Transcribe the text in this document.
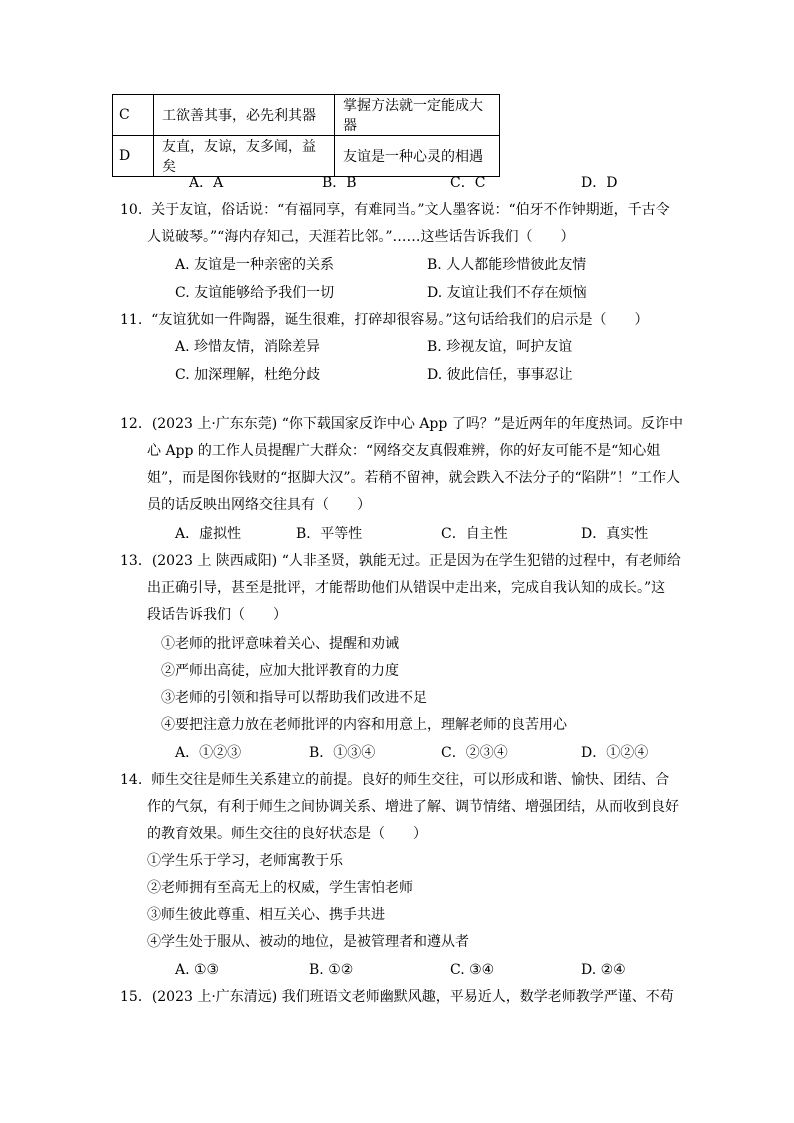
C	工欲善其事，必先利其器	掌握方法就一定能成大器
D	友直，友谅，友多闻，益矣	友谊是一种心灵的相遇
A．A	B．B	C．C	D．D
10.  关于友谊，俗话说：“有福同享，有难同当。”文人墨客说：“伯牙不作钟期逝，千古令
人说破琴。”“海内存知己，天涯若比邻。”……这些话告诉我们（　　）
A. 友谊是一种亲密的关系	B. 人人都能珍惜彼此友情
C. 友谊能够给予我们一切	D. 友谊让我们不存在烦恼
11.  “友谊犹如一件陶器，诞生很难，打碎却很容易。”这句话给我们的启示是（　　）
A. 珍惜友情，消除差异	B. 珍视友谊，呵护友谊
C. 加深理解，杜绝分歧	D. 彼此信任，事事忍让
12．(2023 上·广东东莞) “你下载国家反诈中心 App 了吗？”是近两年的年度热词。反诈中
心 App 的工作人员提醒广大群众：“网络交友真假难辨，你的好友可能不是“知心姐
姐”，而是图你钱财的“抠脚大汉”。若稍不留神，就会跌入不法分子的“陷阱”！”工作人
员的话反映出网络交往具有（　　）
A．虚拟性	B．平等性	C．自主性	D．真实性
13．(2023 上 陕西咸阳) “人非圣贤，孰能无过。正是因为在学生犯错的过程中，有老师给
出正确引导，甚至是批评，才能帮助他们从错误中走出来，完成自我认知的成长。”这
段话告诉我们（　　）
①老师的批评意味着关心、提醒和劝诫
②严师出高徒，应加大批评教育的力度
③老师的引领和指导可以帮助我们改进不足
④要把注意力放在老师批评的内容和用意上，理解老师的良苦用心
A．①②③	B．①③④	C．②③④	D．①②④
14.  师生交往是师生关系建立的前提。良好的师生交往，可以形成和谐、愉快、团结、合
作的气氛，有利于师生之间协调关系、增进了解、调节情绪、增强团结，从而收到良好
的教育效果。师生交往的良好状态是（　　）
①学生乐于学习，老师寓教于乐
②老师拥有至高无上的权威，学生害怕老师
③师生彼此尊重、相互关心、携手共进
④学生处于服从、被动的地位，是被管理者和遵从者
A. ①③	B. ①②	C. ③④	D. ②④
15．(2023 上·广东清远) 我们班语文老师幽默风趣，平易近人，数学老师教学严谨、不苟
